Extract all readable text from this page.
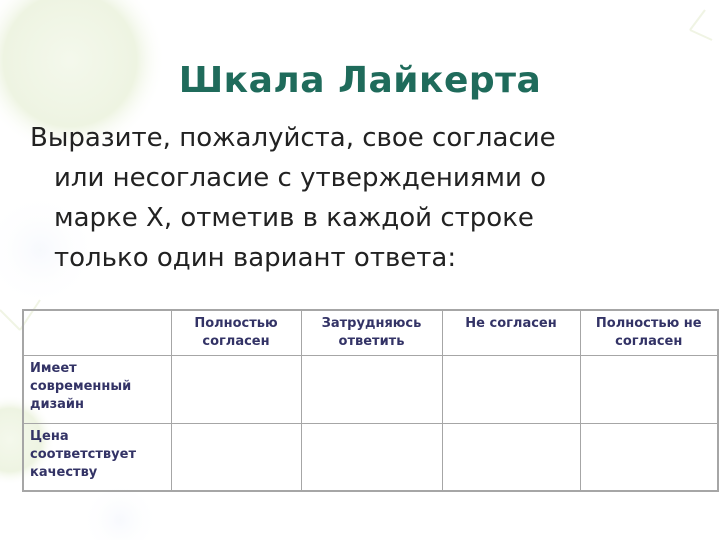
Шкала Лайкерта
Выразите, пожалуйста, свое согласие
или несогласие с утверждениями о
марке Х, отметив в каждой строке
только один вариант ответа:
	Полностью согласен	Затрудняюсь ответить	Не согласен	Полностью не согласен
Имеет современный дизайн				
Цена соответствует качеству				
